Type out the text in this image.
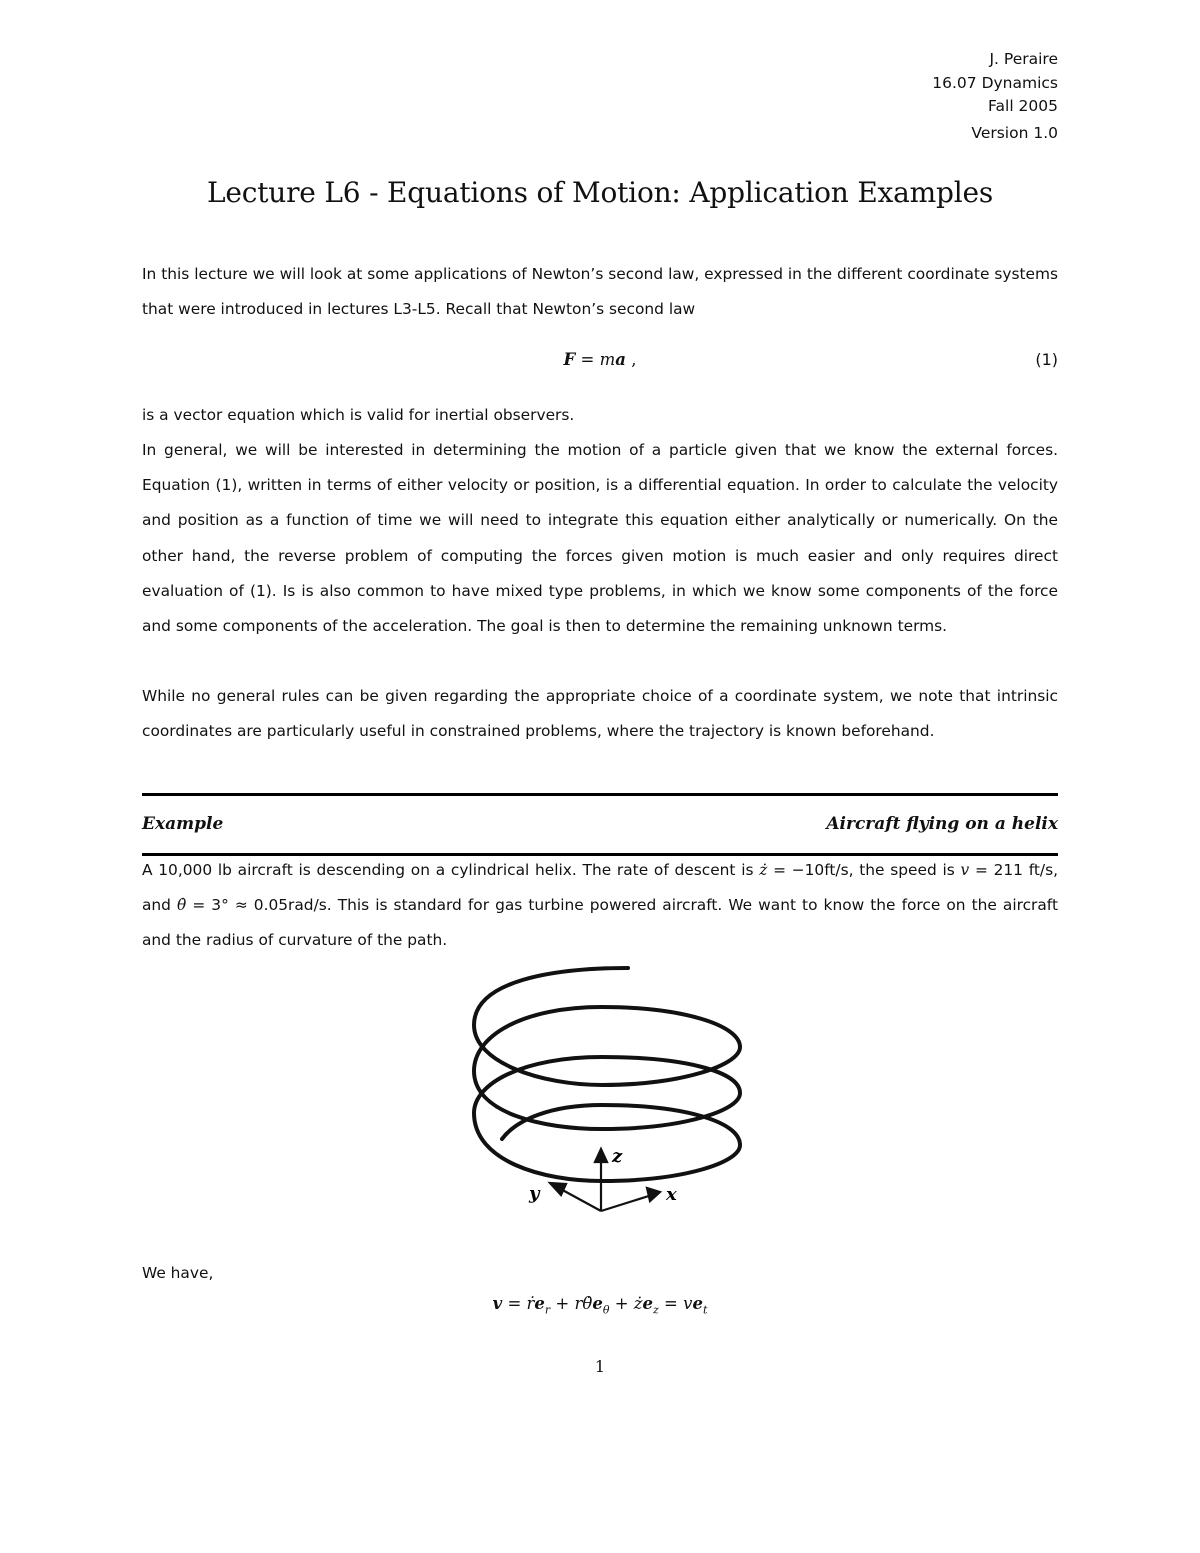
J. Peraire
16.07 Dynamics
Fall 2005
Version 1.0
Lecture L6 - Equations of Motion: Application Examples
In this lecture we will look at some applications of Newton’s second law, expressed in the different coordinate systems that were introduced in lectures L3-L5. Recall that Newton’s second law
F = ma ,	(1)
is a vector equation which is valid for inertial observers.
In general, we will be interested in determining the motion of a particle given that we know the external forces. Equation (1), written in terms of either velocity or position, is a differential equation. In order to calculate the velocity and position as a function of time we will need to integrate this equation either analytically or numerically. On the other hand, the reverse problem of computing the forces given motion is much easier and only requires direct evaluation of (1). Is is also common to have mixed type problems, in which we know some components of the force and some components of the acceleration. The goal is then to determine the remaining unknown terms.
While no general rules can be given regarding the appropriate choice of a coordinate system, we note that intrinsic coordinates are particularly useful in constrained problems, where the trajectory is known beforehand.
Example	Aircraft flying on a helix
A 10,000 lb aircraft is descending on a cylindrical helix. The rate of descent is ż = −10ft/s, the speed is v = 211 ft/s, and θ̇ = 3° ≈ 0.05rad/s. This is standard for gas turbine powered aircraft. We want to know the force on the aircraft and the radius of curvature of the path.
z
y	x
We have,
v = ṙe$_r$ + $r\thetȧe_\theta$ + $że_z = ve_t$
1
